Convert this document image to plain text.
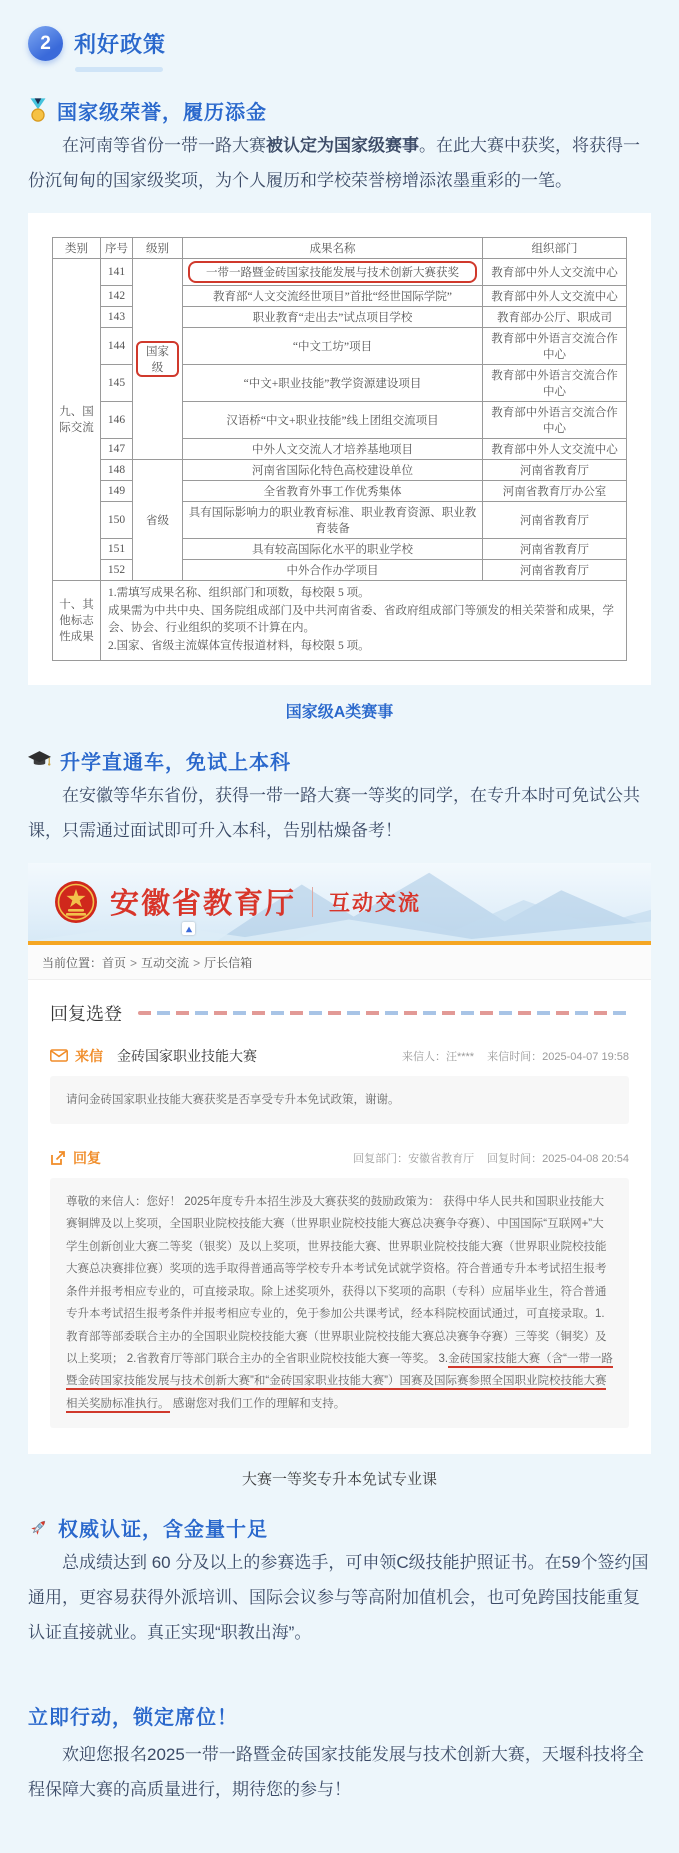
2	利好政策
国家级荣誉，履历添金

在河南等省份一带一路大赛被认定为国家级赛事。在此大赛中获奖，将获得一份沉甸甸的国家级奖项，为个人履历和学校荣誉榜增添浓墨重彩的一笔。

类别	序号	级别	成果名称	组织部门
九、国际交流	141	国家级	一带一路暨金砖国家技能发展与技术创新大赛获奖	教育部中外人文交流中心
	142		教育部“人文交流经世项目”首批“经世国际学院”	教育部中外人文交流中心
	143		职业教育“走出去”试点项目学校	教育部办公厅、职成司
	144		“中文工坊”项目	教育部中外语言交流合作中心
	145		“中文+职业技能”教学资源建设项目	教育部中外语言交流合作中心
	146		汉语桥“中文+职业技能”线上团组交流项目	教育部中外语言交流合作中心
	147		中外人文交流人才培养基地项目	教育部中外人文交流中心
	148	省级	河南省国际化特色高校建设单位	河南省教育厅
	149		全省教育外事工作优秀集体	河南省教育厅办公室
	150		具有国际影响力的职业教育标准、职业教育资源、职业教育装备	河南省教育厅
	151		具有较高国际化水平的职业学校	河南省教育厅
	152		中外合作办学项目	河南省教育厅
十、其他标志性成果	1.需填写成果名称、组织部门和项数，每校限 5 项。
成果需为中共中央、国务院组成部门及中共河南省委、省政府组成部门等颁发的相关荣誉和成果，学会、协会、行业组织的奖项不计算在内。
2.国家、省级主流媒体宣传报道材料，每校限 5 项。			
国家级A类赛事
升学直通车，免试上本科

在安徽等华东省份，获得一带一路大赛一等奖的同学，在专升本时可免试公共课，只需通过面试即可升入本科，告别枯燥备考！

安徽省教育厅 互动交流
当前位置：首页 > 互动交流 > 厅长信箱
回复选登
来信 金砖国家职业技能大赛	来信人：汪**** 来信时间：2025-04-07 19:58
请问金砖国家职业技能大赛获奖是否享受专升本免试政策，谢谢。
回复	回复部门：安徽省教育厅 回复时间：2025-04-08 20:54
尊敬的来信人：您好！ 2025年度专升本招生涉及大赛获奖的鼓励政策为： 获得中华人民共和国职业技能大赛铜牌及以上奖项，全国职业院校技能大赛（世界职业院校技能大赛总决赛争夺赛）、中国国际“互联网+”大学生创新创业大赛二等奖（银奖）及以上奖项，世界技能大赛、世界职业院校技能大赛（世界职业院校技能大赛总决赛排位赛）奖项的选手取得普通高等学校专升本考试免试就学资格。符合普通专升本考试招生报考条件并报考相应专业的，可直接录取。除上述奖项外，获得以下奖项的高职（专科）应届毕业生，符合普通专升本考试招生报考条件并报考相应专业的，免于参加公共课考试，经本科院校面试通过，可直接录取。1.教育部等部委联合主办的全国职业院校技能大赛（世界职业院校技能大赛总决赛争夺赛）三等奖（铜奖）及以上奖项； 2.省教育厅等部门联合主办的全省职业院校技能大赛一等奖。 3.金砖国家技能大赛（含“一带一路暨金砖国家技能发展与技术创新大赛”和“金砖国家职业技能大赛”）国赛及国际赛参照全国职业院校技能大赛相关奖励标准执行。 感谢您对我们工作的理解和支持。
大赛一等奖专升本免试专业课
权威认证，含金量十足

总成绩达到 60 分及以上的参赛选手，可申领C级技能护照证书。在59个签约国通用，更容易获得外派培训、国际会议参与等高附加值机会，也可免跨国技能重复认证直接就业。真正实现“职教出海”。

立即行动，锁定席位！

欢迎您报名2025一带一路暨金砖国家技能发展与技术创新大赛，天堰科技将全程保障大赛的高质量进行，期待您的参与！
